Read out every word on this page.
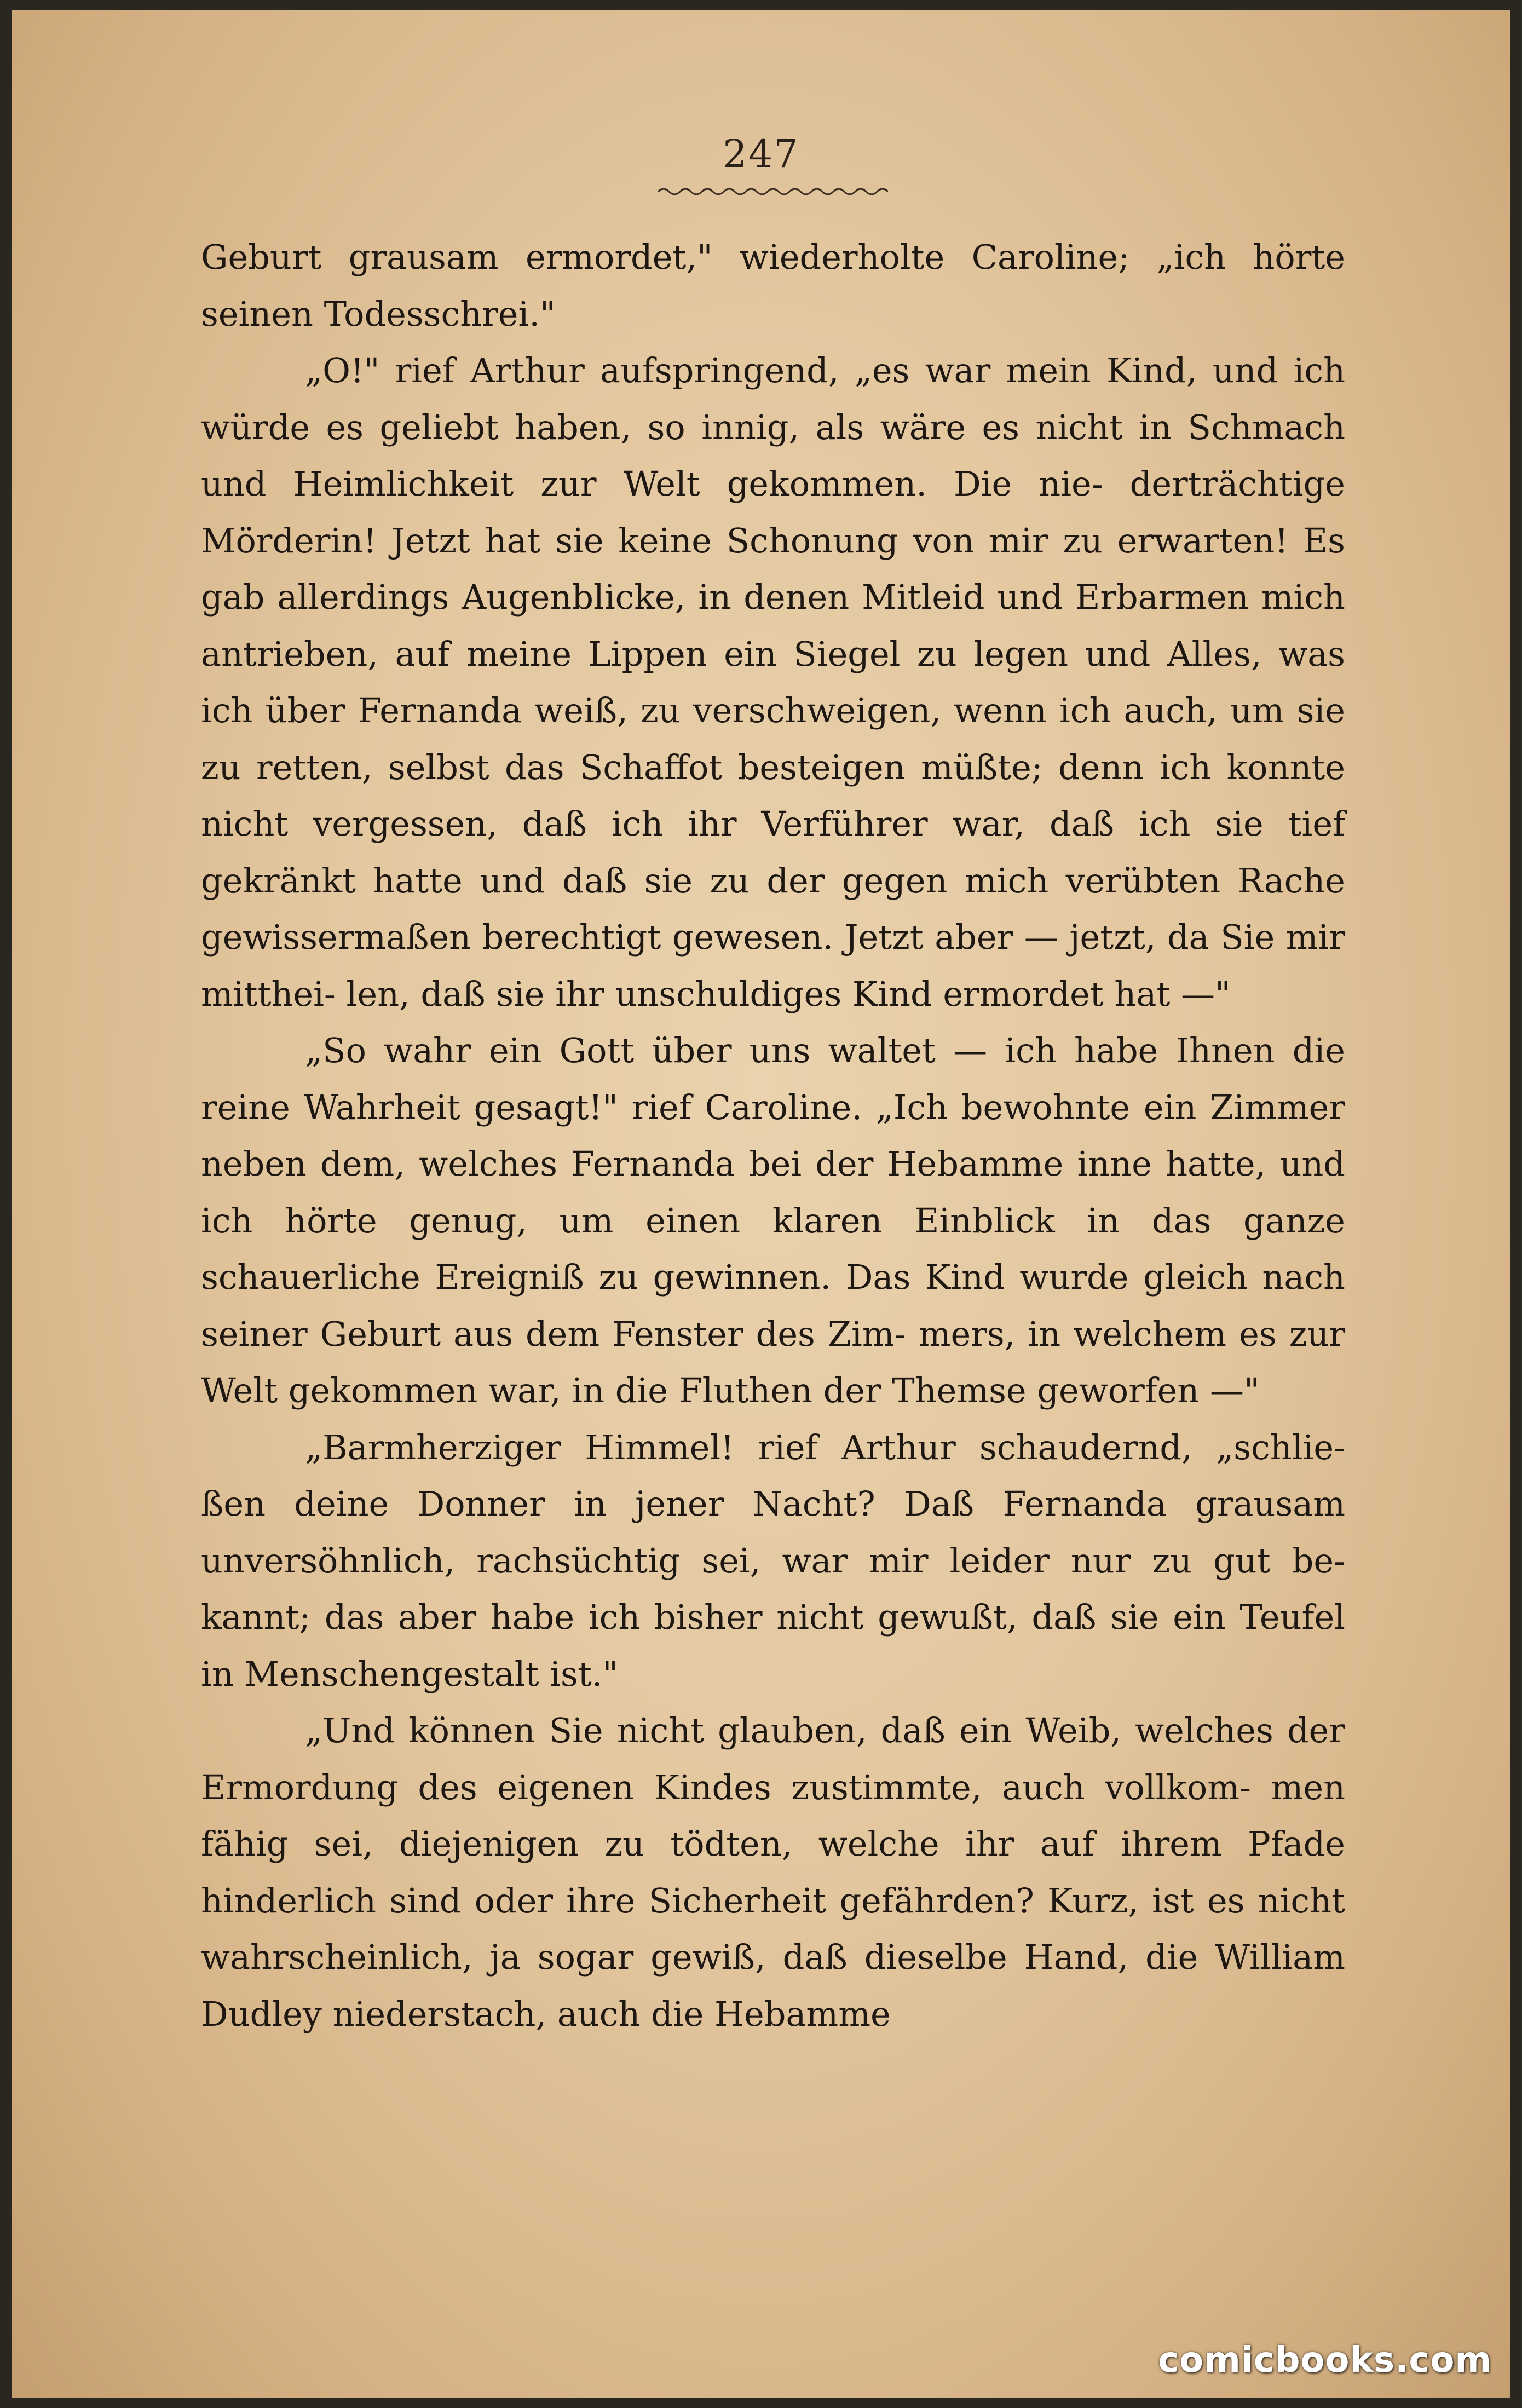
247

Geburt grausam ermordet," wiederholte Caroline; „ich hörte seinen Todesschrei."

„O!" rief Arthur aufspringend, „es war mein Kind, und ich würde es geliebt haben, so innig, als wäre es nicht in Schmach und Heimlichkeit zur Welt gekommen. Die nie- derträchtige Mörderin! Jetzt hat sie keine Schonung von mir zu erwarten! Es gab allerdings Augenblicke, in denen Mitleid und Erbarmen mich antrieben, auf meine Lippen ein Siegel zu legen und Alles, was ich über Fernanda weiß, zu verschweigen, wenn ich auch, um sie zu retten, selbst das Schaffot besteigen müßte; denn ich konnte nicht vergessen, daß ich ihr Verführer war, daß ich sie tief gekränkt hatte und daß sie zu der gegen mich verübten Rache gewissermaßen berechtigt gewesen. Jetzt aber — jetzt, da Sie mir mitthei- len, daß sie ihr unschuldiges Kind ermordet hat —"

„So wahr ein Gott über uns waltet — ich habe Ihnen die reine Wahrheit gesagt!" rief Caroline. „Ich bewohnte ein Zimmer neben dem, welches Fernanda bei der Hebamme inne hatte, und ich hörte genug, um einen klaren Einblick in das ganze schauerliche Ereigniß zu gewinnen. Das Kind wurde gleich nach seiner Geburt aus dem Fenster des Zim- mers, in welchem es zur Welt gekommen war, in die Fluthen der Themse geworfen —"

„Barmherziger Himmel! rief Arthur schaudernd, „schlie- ßen deine Donner in jener Nacht? Daß Fernanda grausam unversöhnlich, rachsüchtig sei, war mir leider nur zu gut be- kannt; das aber habe ich bisher nicht gewußt, daß sie ein Teufel in Menschengestalt ist."

„Und können Sie nicht glauben, daß ein Weib, welches der Ermordung des eigenen Kindes zustimmte, auch vollkom- men fähig sei, diejenigen zu tödten, welche ihr auf ihrem Pfade hinderlich sind oder ihre Sicherheit gefährden? Kurz, ist es nicht wahrscheinlich, ja sogar gewiß, daß dieselbe Hand, die William Dudley niederstach, auch die Hebamme

comicbooks.com
